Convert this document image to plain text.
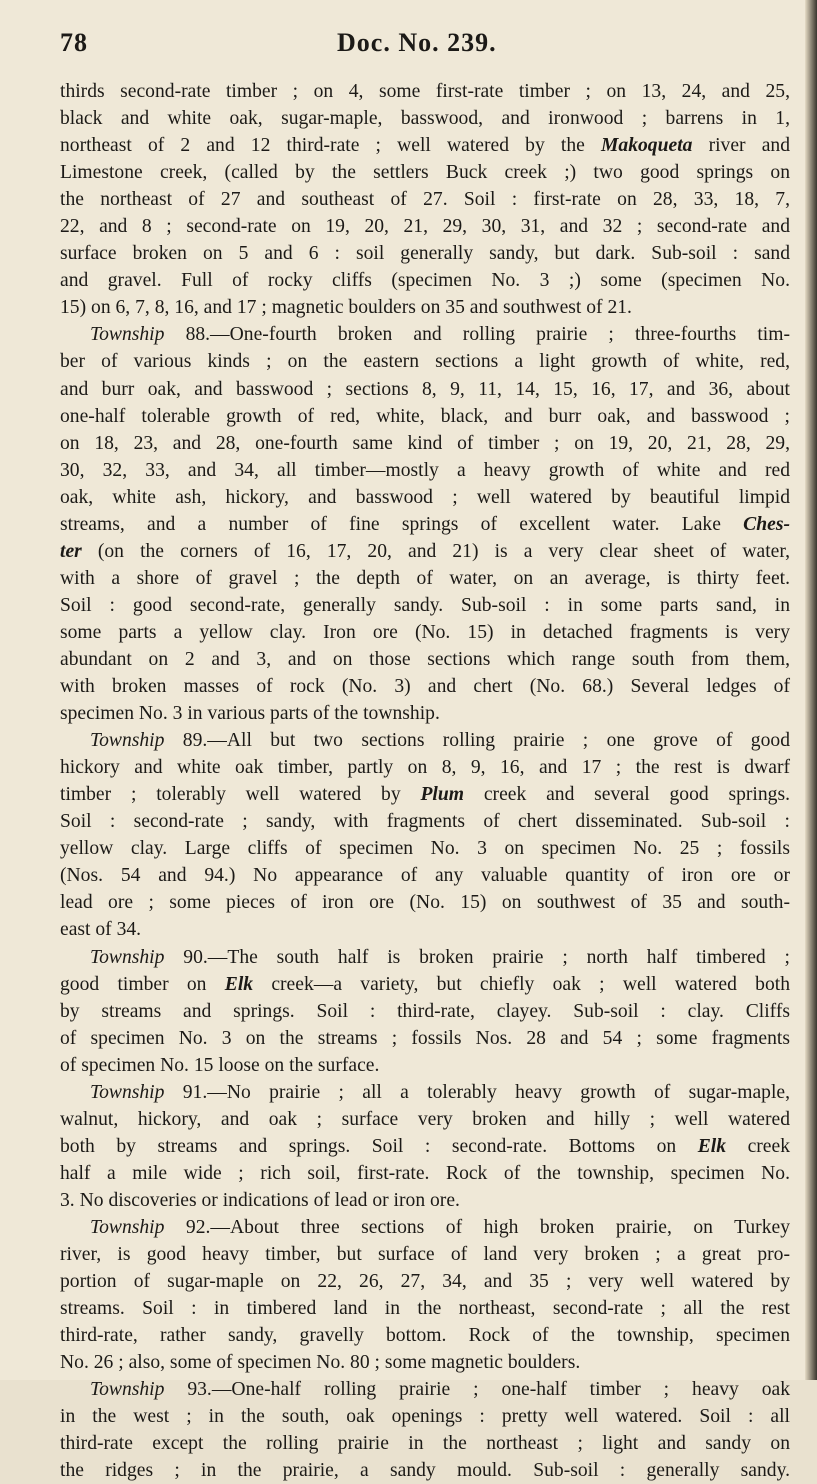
78	Doc. No. 239.
thirds second-rate timber ; on 4, some first-rate timber ; on 13, 24, and 25,
black and white oak, sugar-maple, basswood, and ironwood ; barrens in 1,
northeast of 2 and 12 third-rate ; well watered by the Makoqueta river and
Limestone creek, (called by the settlers Buck creek ;) two good springs on
the northeast of 27 and southeast of 27. Soil : first-rate on 28, 33, 18, 7,
22, and 8 ; second-rate on 19, 20, 21, 29, 30, 31, and 32 ; second-rate and
surface broken on 5 and 6 : soil generally sandy, but dark. Sub-soil : sand
and gravel. Full of rocky cliffs (specimen No. 3 ;) some (specimen No.
15) on 6, 7, 8, 16, and 17 ; magnetic boulders on 35 and southwest of 21.
Township 88.—One-fourth broken and rolling prairie ; three-fourths tim-
ber of various kinds ; on the eastern sections a light growth of white, red,
and burr oak, and basswood ; sections 8, 9, 11, 14, 15, 16, 17, and 36, about
one-half tolerable growth of red, white, black, and burr oak, and basswood ;
on 18, 23, and 28, one-fourth same kind of timber ; on 19, 20, 21, 28, 29,
30, 32, 33, and 34, all timber—mostly a heavy growth of white and red
oak, white ash, hickory, and basswood ; well watered by beautiful limpid
streams, and a number of fine springs of excellent water. Lake Ches-
ter (on the corners of 16, 17, 20, and 21) is a very clear sheet of water,
with a shore of gravel ; the depth of water, on an average, is thirty feet.
Soil : good second-rate, generally sandy. Sub-soil : in some parts sand, in
some parts a yellow clay. Iron ore (No. 15) in detached fragments is very
abundant on 2 and 3, and on those sections which range south from them,
with broken masses of rock (No. 3) and chert (No. 68.) Several ledges of
specimen No. 3 in various parts of the township.
Township 89.—All but two sections rolling prairie ; one grove of good
hickory and white oak timber, partly on 8, 9, 16, and 17 ; the rest is dwarf
timber ; tolerably well watered by Plum creek and several good springs.
Soil : second-rate ; sandy, with fragments of chert disseminated. Sub-soil :
yellow clay. Large cliffs of specimen No. 3 on specimen No. 25 ; fossils
(Nos. 54 and 94.) No appearance of any valuable quantity of iron ore or
lead ore ; some pieces of iron ore (No. 15) on southwest of 35 and south-
east of 34.
Township 90.—The south half is broken prairie ; north half timbered ;
good timber on Elk creek—a variety, but chiefly oak ; well watered both
by streams and springs. Soil : third-rate, clayey. Sub-soil : clay. Cliffs
of specimen No. 3 on the streams ; fossils Nos. 28 and 54 ; some fragments
of specimen No. 15 loose on the surface.
Township 91.—No prairie ; all a tolerably heavy growth of sugar-maple,
walnut, hickory, and oak ; surface very broken and hilly ; well watered
both by streams and springs. Soil : second-rate. Bottoms on Elk creek
half a mile wide ; rich soil, first-rate. Rock of the township, specimen No.
3. No discoveries or indications of lead or iron ore.
Township 92.—About three sections of high broken prairie, on Turkey
river, is good heavy timber, but surface of land very broken ; a great pro-
portion of sugar-maple on 22, 26, 27, 34, and 35 ; very well watered by
streams. Soil : in timbered land in the northeast, second-rate ; all the rest
third-rate, rather sandy, gravelly bottom. Rock of the township, specimen
No. 26 ; also, some of specimen No. 80 ; some magnetic boulders.
Township 93.—One-half rolling prairie ; one-half timber ; heavy oak
in the west ; in the south, oak openings : pretty well watered. Soil : all
third-rate except the rolling prairie in the northeast ; light and sandy on
the ridges ; in the prairie, a sandy mould. Sub-soil : generally sandy.
